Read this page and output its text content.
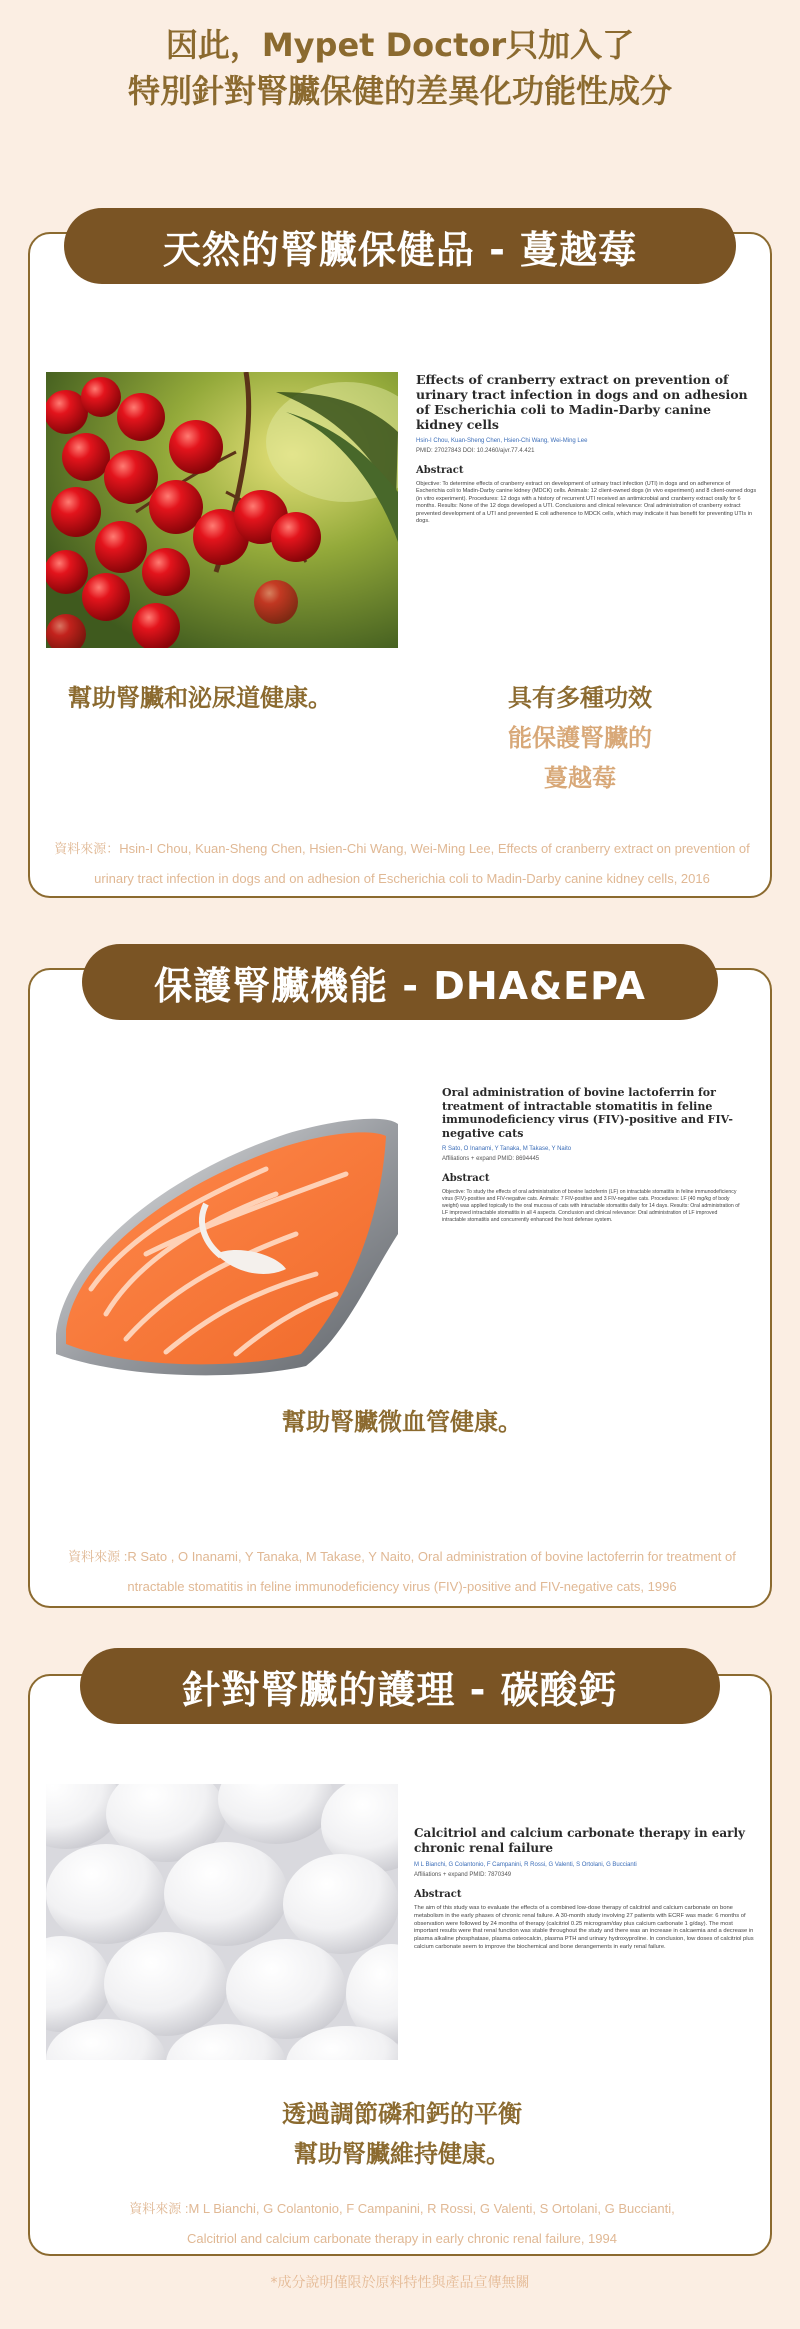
因此，Mypet Doctor只加入了
特別針對腎臟保健的差異化功能性成分
Effects of cranberry extract on prevention of urinary tract infection in dogs and on adhesion of Escherichia coli to Madin-Darby canine kidney cells
Hsin-I Chou, Kuan-Sheng Chen, Hsien-Chi Wang, Wei-Ming Lee
PMID: 27027843 DOI: 10.2460/ajvr.77.4.421
Abstract
Objective: To determine effects of cranberry extract on development of urinary tract infection (UTI) in dogs and on adherence of Escherichia coli to Madin-Darby canine kidney (MDCK) cells. Animals: 12 client-owned dogs (in vivo experiment) and 8 client-owned dogs (in vitro experiment). Procedures: 12 dogs with a history of recurrent UTI received an antimicrobial and cranberry extract orally for 6 months. Results: None of the 12 dogs developed a UTI. Conclusions and clinical relevance: Oral administration of cranberry extract prevented development of a UTI and prevented E coli adherence to MDCK cells, which may indicate it has benefit for preventing UTIs in dogs.
幫助腎臟和泌尿道健康。	具有多種功效
能保護腎臟的
蔓越莓
資料來源：Hsin-I Chou, Kuan-Sheng Chen, Hsien-Chi Wang, Wei-Ming Lee, Effects of cranberry extract on prevention of
urinary tract infection in dogs and on adhesion of Escherichia coli to Madin-Darby canine kidney cells, 2016
天然的腎臟保健品 - 蔓越莓
Oral administration of bovine lactoferrin for treatment of intractable stomatitis in feline immunodeficiency virus (FIV)-positive and FIV-negative cats
R Sato, O Inanami, Y Tanaka, M Takase, Y Naito
Affiliations + expand PMID: 8694445
Abstract
Objective: To study the effects of oral administration of bovine lactoferrin (LF) on intractable stomatitis in feline immunodeficiency virus (FIV)-positive and FIV-negative cats. Animals: 7 FIV-positive and 3 FIV-negative cats. Procedures: LF (40 mg/kg of body weight) was applied topically to the oral mucosa of cats with intractable stomatitis daily for 14 days. Results: Oral administration of LF improved intractable stomatitis in all 4 aspects. Conclusion and clinical relevance: Oral administration of LF improved intractable stomatitis and concurrently enhanced the host defense system.
幫助腎臟微血管健康。
資料來源 :R Sato , O Inanami, Y Tanaka, M Takase, Y Naito, Oral administration of bovine lactoferrin for treatment of
ntractable stomatitis in feline immunodeficiency virus (FIV)-positive and FIV-negative cats, 1996
保護腎臟機能 - DHA&EPA
Calcitriol and calcium carbonate therapy in early chronic renal failure
M L Bianchi, G Colantonio, F Campanini, R Rossi, G Valenti, S Ortolani, G Buccianti
Affiliations + expand PMID: 7870349
Abstract
The aim of this study was to evaluate the effects of a combined low-dose therapy of calcitriol and calcium carbonate on bone metabolism in the early phases of chronic renal failure. A 30-month study involving 27 patients with ECRF was made: 6 months of observation were followed by 24 months of therapy (calcitriol 0.25 microgram/day plus calcium carbonate 1 g/day). The most important results were that renal function was stable throughout the study and there was an increase in calcaemia and a decrease in plasma alkaline phosphatase, plasma osteocalcin, plasma PTH and urinary hydroxyproline. In conclusion, low doses of calcitriol plus calcium carbonate seem to improve the biochemical and bone derangements in early renal failure.
透過調節磷和鈣的平衡
幫助腎臟維持健康。
資料來源 :M L Bianchi, G Colantonio, F Campanini, R Rossi, G Valenti, S Ortolani, G Buccianti,
Calcitriol and calcium carbonate therapy in early chronic renal failure, 1994
針對腎臟的護理 - 碳酸鈣
*成分說明僅限於原料特性與產品宣傳無關
